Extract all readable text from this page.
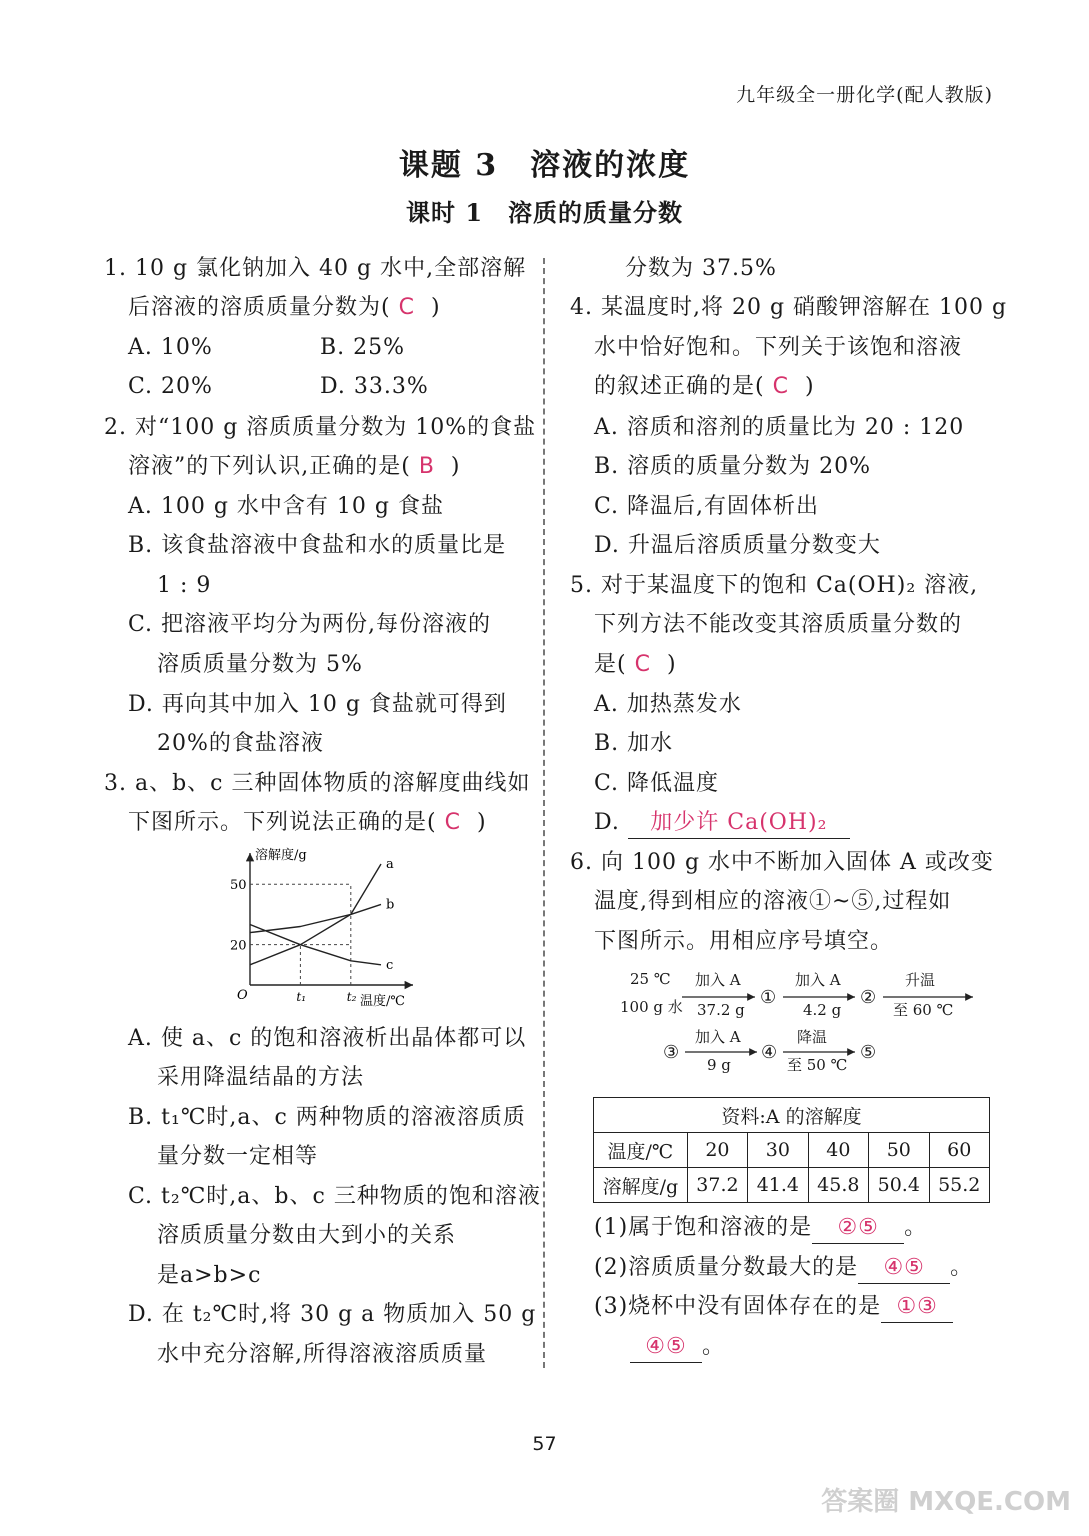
九年级全一册化学(配人教版)
课题 3　溶液的浓度
课时 1　溶质的质量分数
1. 10 g 氯化钠加入 40 g 水中,全部溶解
后溶液的溶质质量分数为( C )
A. 10%	B. 25%
C. 20%	D. 33.3%
2. 对“100 g 溶质质量分数为 10%的食盐
溶液”的下列认识,正确的是( B )
A. 100 g 水中含有 10 g 食盐
B. 该食盐溶液中食盐和水的质量比是
1 : 9
C. 把溶液平均分为两份,每份溶液的
溶质质量分数为 5%
D. 再向其中加入 10 g 食盐就可得到
20%的食盐溶液
3. a、b、c 三种固体物质的溶解度曲线如
下图所示。下列说法正确的是( C )
溶解度/g
温度/℃
O
a
b
c
50
20
t₁	t₂
A. 使 a、c 的饱和溶液析出晶体都可以
采用降温结晶的方法
B. t₁℃时,a、c 两种物质的溶液溶质质
量分数一定相等
C. t₂℃时,a、b、c 三种物质的饱和溶液
溶质质量分数由大到小的关系
是a>b>c
D. 在 t₂℃时,将 30 g a 物质加入 50 g
水中充分溶解,所得溶液溶质质量
分数为 37.5%
4. 某温度时,将 20 g 硝酸钾溶解在 100 g
水中恰好饱和。下列关于该饱和溶液
的叙述正确的是( C )
A. 溶质和溶剂的质量比为 20 : 120
B. 溶质的质量分数为 20%
C. 降温后,有固体析出
D. 升温后溶质质量分数变大
5. 对于某温度下的饱和 Ca(OH)₂ 溶液,
下列方法不能改变其溶质质量分数的
是( C )
A. 加热蒸发水
B. 加水
C. 降低温度
D. 加少许 Ca(OH)₂
6. 向 100 g 水中不断加入固体 A 或改变
温度,得到相应的溶液①~⑤,过程如
下图所示。用相应序号填空。
25 ℃
100 g 水
加入 A
37.2 g
①
加入 A
4.2 g
②
升温
至 60 ℃
③
加入 A
9 g
④
降温
至 50 ℃
⑤
资料:A 的溶解度					
温度/℃	20	30	40	50	60
溶解度/g	37.2	41.4	45.8	50.4	55.2
(1)属于饱和溶液的是 ②⑤ 。
(2)溶质质量分数最大的是 ④⑤ 。
(3)烧杯中没有固体存在的是 ①③
④⑤ 。
57
答案圈 MXQE.COM
